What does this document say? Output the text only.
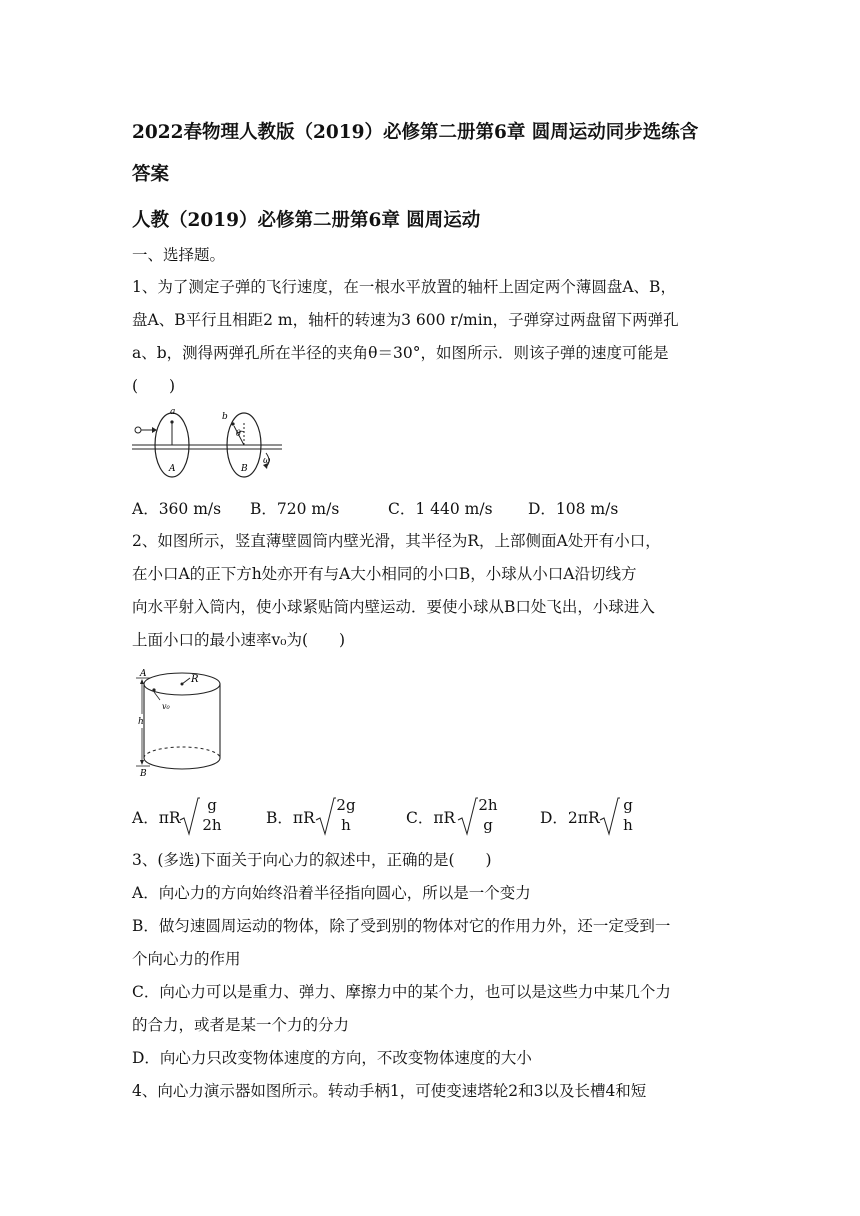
2022春物理人教版（2019）必修第二册第6章 圆周运动同步选练含
答案
人教（2019）必修第二册第6章 圆周运动
一、选择题。
1、为了测定子弹的飞行速度，在一根水平放置的轴杆上固定两个薄圆盘A、B，
盘A、B平行且相距2 m，轴杆的转速为3 600 r/min，子弹穿过两盘留下两弹孔
a、b，测得两弹孔所在半径的夹角θ＝30°，如图所示．则该子弹的速度可能是
(　　)
a	b
θ
A	B
ω
A．360 m/s B．720 m/s	C．1 440 m/s D．108 m/s
2、如图所示，竖直薄壁圆筒内壁光滑，其半径为R，上部侧面A处开有小口，
在小口A的正下方h处亦开有与A大小相同的小口B，小球从小口A沿切线方
向水平射入筒内，使小球紧贴筒内壁运动．要使小球从B口处飞出，小球进入
上面小口的最小速率v₀为(　　)
A
B
h
R
v₀
A．πR
g
2h	B．πR
2g
h	C．πR
2h
g	D．2πR
g
h
3、(多选)下面关于向心力的叙述中，正确的是(　　)
A．向心力的方向始终沿着半径指向圆心，所以是一个变力
B．做匀速圆周运动的物体，除了受到别的物体对它的作用力外，还一定受到一
个向心力的作用
C．向心力可以是重力、弹力、摩擦力中的某个力，也可以是这些力中某几个力
的合力，或者是某一个力的分力
D．向心力只改变物体速度的方向，不改变物体速度的大小
4、向心力演示器如图所示。转动手柄1，可使变速塔轮2和3以及长槽4和短
